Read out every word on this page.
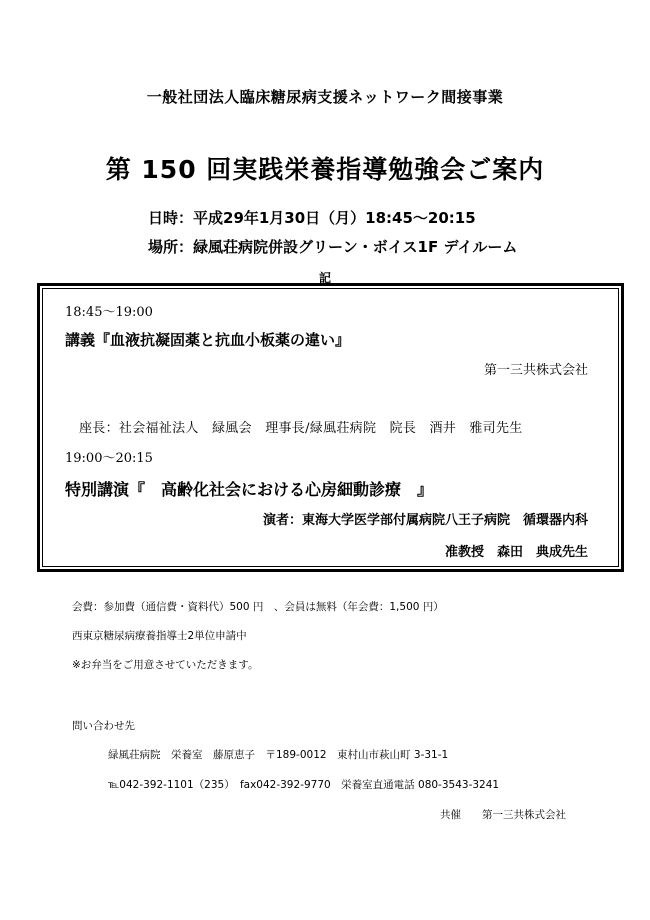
一般社団法人臨床糖尿病支援ネットワーク間接事業
第 150 回実践栄養指導勉強会ご案内
日時：平成29年1月30日（月）18:45～20:15
場所：緑風荘病院併設グリーン・ボイス1F デイルーム
記
18:45～19:00
講義『血液抗凝固薬と抗血小板薬の違い』
第一三共株式会社
座長：社会福祉法人　緑風会　理事長/緑風荘病院　院長　酒井　雅司先生
19:00～20:15
特別講演『　高齢化社会における心房細動診療　』
演者：東海大学医学部付属病院八王子病院　循環器内科
准教授　森田　典成先生
会費：参加費（通信費・資料代）500 円　、会員は無料（年会費：1,500 円）
西東京糖尿病療養指導士2単位申請中
※お弁当をご用意させていただきます。
問い合わせ先
緑風荘病院　栄養室　藤原恵子　〒189-0012　東村山市萩山町 3-31-1
℡042-392-1101（235）　fax042-392-9770　栄養室直通電話 080-3543-3241
共催　　第一三共株式会社
